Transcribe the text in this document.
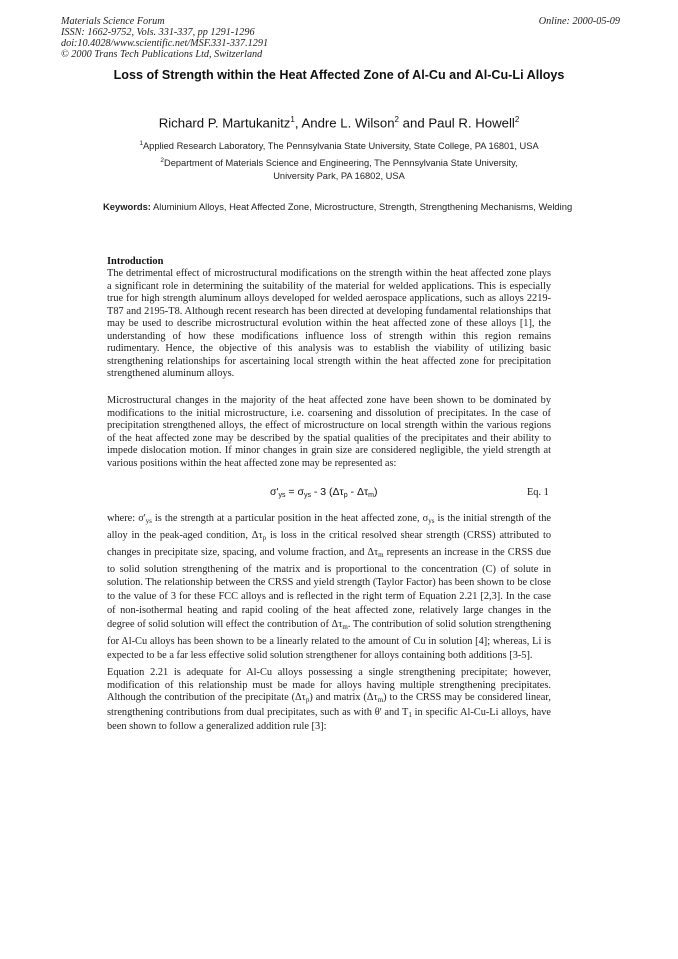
Materials Science Forum
ISSN: 1662-9752, Vols. 331-337, pp 1291-1296
doi:10.4028/www.scientific.net/MSF.331-337.1291
© 2000 Trans Tech Publications Ltd, Switzerland
Online: 2000-05-09
Loss of Strength within the Heat Affected Zone of Al-Cu and Al-Cu-Li Alloys
Richard P. Martukanitz$^1$, Andre L. Wilson$^2$ and Paul R. Howell$^2$
$^1$Applied Research Laboratory, The Pennsylvania State University, State College, PA 16801, USA
$^2$Department of Materials Science and Engineering, The Pennsylvania State University,
University Park, PA 16802, USA
Keywords: Aluminium Alloys, Heat Affected Zone, Microstructure, Strength, Strengthening Mechanisms, Welding
Introduction
The detrimental effect of microstructural modifications on the strength within the heat affected zone plays a significant role in determining the suitability of the material for welded applications. This is especially true for high strength aluminum alloys developed for welded aerospace applications, such as alloys 2219-T87 and 2195-T8. Although recent research has been directed at developing fundamental relationships that may be used to describe microstructural evolution within the heat affected zone of these alloys [1], the understanding of how these modifications influence loss of strength within this region remains rudimentary. Hence, the objective of this analysis was to establish the viability of utilizing basic strengthening relationships for ascertaining local strength within the heat affected zone for precipitation strengthened aluminum alloys.
Microstructural changes in the majority of the heat affected zone have been shown to be dominated by modifications to the initial microstructure, i.e. coarsening and dissolution of precipitates. In the case of precipitation strengthened alloys, the effect of microstructure on local strength within the various regions of the heat affected zone may be described by the spatial qualities of the precipitates and their ability to impede dislocation motion. If minor changes in grain size are considered negligible, the yield strength at various positions within the heat affected zone may be represented as:
$\sigma'_{ys} = \sigma_{ys} - 3$ $(\Delta\tau_p - \Delta\tau_m)$	Eq. 1
where: $\sigma'_{ys}$ is the strength at a particular position in the heat affected zone, $\sigma_{ys}$ is the initial strength of the alloy in the peak-aged condition, $\Delta\tau_p$ is loss in the critical resolved shear strength (CRSS) attributed to changes in precipitate size, spacing, and volume fraction, and $\Delta\tau_m$ represents an increase in the CRSS due to solid solution strengthening of the matrix and is proportional to the concentration (C) of solute in solution. The relationship between the CRSS and yield strength (Taylor Factor) has been shown to be close to the value of 3 for these FCC alloys and is reflected in the right term of Equation 2.21 [2,3]. In the case of non-isothermal heating and rapid cooling of the heat affected zone, relatively large changes in the degree of solid solution will effect the contribution of $\Delta\tau_m$. The contribution of solid solution strengthening for Al-Cu alloys has been shown to be a linearly related to the amount of Cu in solution [4]; whereas, Li is expected to be a far less effective solid solution strengthener for alloys containing both additions [3-5].
Equation 2.21 is adequate for Al-Cu alloys possessing a single strengthening precipitate; however, modification of this relationship must be made for alloys having multiple strengthening precipitates. Although the contribution of the precipitate $(\Delta\tau_p)$ and matrix $(\Delta\tau_m)$ to the CRSS may be considered linear, strengthening contributions from dual precipitates, such as with θ' and $T_1$ in specific Al-Cu-Li alloys, have been shown to follow a generalized addition rule [3]:
